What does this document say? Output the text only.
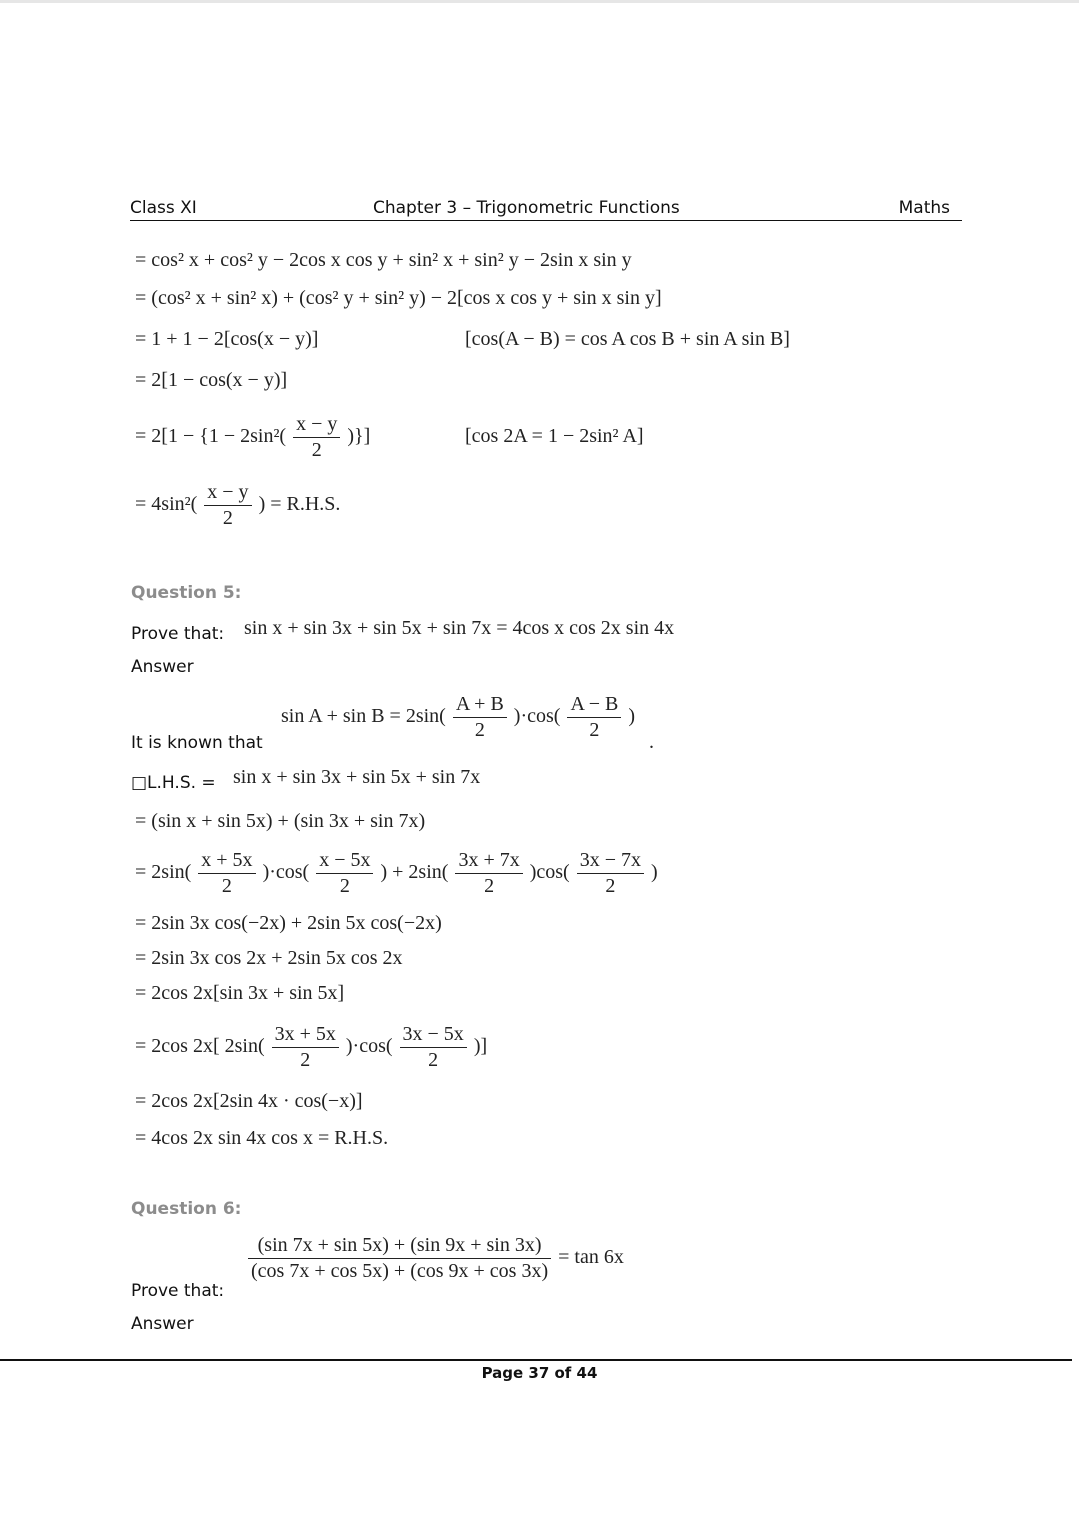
Class XI	Chapter 3 – Trigonometric Functions	Maths
= cos² x + cos² y − 2cos x cos y + sin² x + sin² y − 2sin x sin y
= (cos² x + sin² x) + (cos² y + sin² y) − 2[cos x cos y + sin x sin y]
= 1 + 1 − 2[cos(x − y)]	[cos(A − B) = cos A cos B + sin A sin B]
= 2[1 − cos(x − y)]
= $2[1 - \{1 - 2\sin^2( \frac{x - y}{2}$ )}]	[cos 2A = 1 − 2sin² A]
= $4\sin^2( \frac{x - y}{2}$ ) = R.H.S.
Question 5:
Prove that: sin x + sin 3x + sin 5x + sin 7x = 4cos x cos 2x sin 4x
Answer
$\sin A + \sin B = 2\sin( \frac{A + B}{2} )\cdot\cos( \frac{A - B}{2}$ )
.
It is known that
□L.H.S. = sin x + sin 3x + sin 5x + sin 7x
= (sin x + sin 5x) + (sin 3x + sin 7x)
= $2\sin( \frac{x + 5x}{2} )\cdot\cos( \frac{x - 5x}{2}$ ) + $2\sin( \frac{3x + 7x}{2} )\cos( \frac{3x - 7x}{2}$ )
= 2sin 3x cos(−2x) + 2sin 5x cos(−2x)
= 2sin 3x cos 2x + 2sin 5x cos 2x
= 2cos 2x[sin 3x + sin 5x]
= 2cos 2x[ $2\sin( \frac{3x + 5x}{2} )\cdot\cos( \frac{3x - 5x}{2}$ )]
= 2cos 2x[2sin 4x · cos(−x)]
= 4cos 2x sin 4x cos x = R.H.S.
Question 6:
$\frac{(\sin 7x + \sin 5x) + (\sin 9x + \sin 3x)}{(\cos 7x + \cos 5x) + (\cos 9x + \cos 3x)} = \tan 6x$
Prove that:
Answer
Page 37 of 44
